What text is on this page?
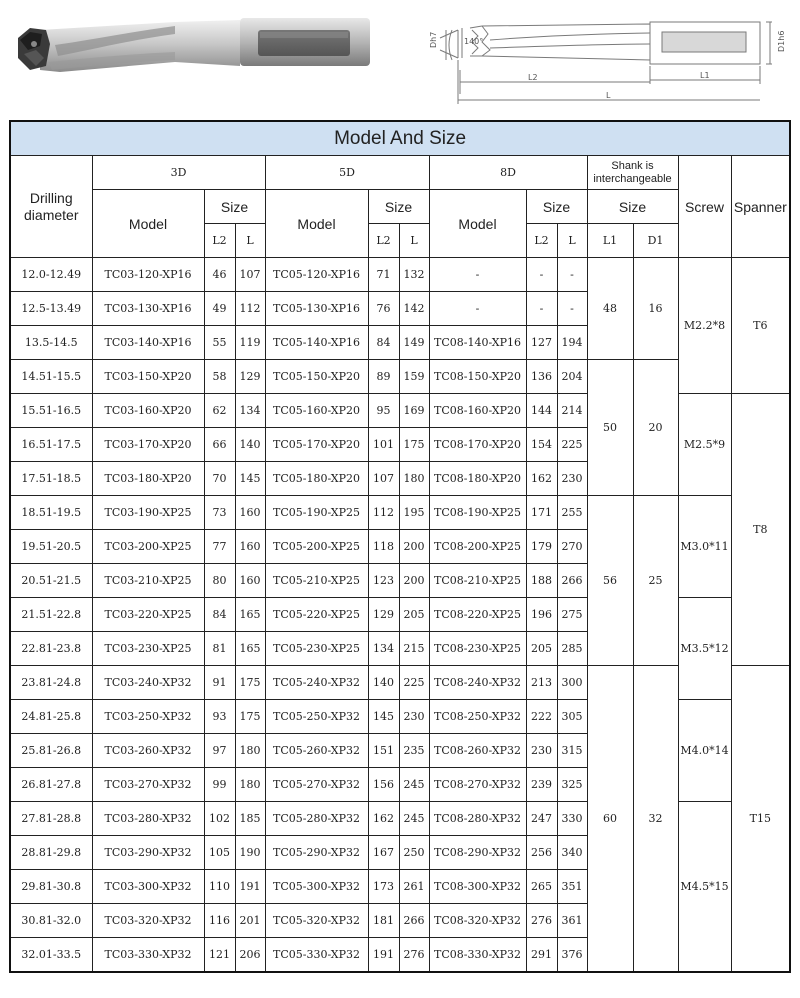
Dh7	140°	D1h6
L2	L1
L
Model And Size													
Drilling
diameter	3D			5D			8D			Shank is
interchangeable		Screw	Spanner
	Model	Size		Model	Size		Model	Size		Size			
		L2	L		L2	L		L2	L	L1	D1		
12.0-12.49	TC03-120-XP16	46	107	TC05-120-XP16	71	132	-	-	-	48	16	M2.2*8	T6
12.5-13.49	TC03-130-XP16	49	112	TC05-130-XP16	76	142	-	-	-				
13.5-14.5	TC03-140-XP16	55	119	TC05-140-XP16	84	149	TC08-140-XP16	127	194				
14.51-15.5	TC03-150-XP20	58	129	TC05-150-XP20	89	159	TC08-150-XP20	136	204	50	20		
15.51-16.5	TC03-160-XP20	62	134	TC05-160-XP20	95	169	TC08-160-XP20	144	214			M2.5*9	T8
16.51-17.5	TC03-170-XP20	66	140	TC05-170-XP20	101	175	TC08-170-XP20	154	225				
17.51-18.5	TC03-180-XP20	70	145	TC05-180-XP20	107	180	TC08-180-XP20	162	230				
18.51-19.5	TC03-190-XP25	73	160	TC05-190-XP25	112	195	TC08-190-XP25	171	255	56	25	M3.0*11	
19.51-20.5	TC03-200-XP25	77	160	TC05-200-XP25	118	200	TC08-200-XP25	179	270				
20.51-21.5	TC03-210-XP25	80	160	TC05-210-XP25	123	200	TC08-210-XP25	188	266				
21.51-22.8	TC03-220-XP25	84	165	TC05-220-XP25	129	205	TC08-220-XP25	196	275			M3.5*12	
22.81-23.8	TC03-230-XP25	81	165	TC05-230-XP25	134	215	TC08-230-XP25	205	285				
23.81-24.8	TC03-240-XP32	91	175	TC05-240-XP32	140	225	TC08-240-XP32	213	300	60	32		T15
24.81-25.8	TC03-250-XP32	93	175	TC05-250-XP32	145	230	TC08-250-XP32	222	305			M4.0*14	
25.81-26.8	TC03-260-XP32	97	180	TC05-260-XP32	151	235	TC08-260-XP32	230	315				
26.81-27.8	TC03-270-XP32	99	180	TC05-270-XP32	156	245	TC08-270-XP32	239	325				
27.81-28.8	TC03-280-XP32	102	185	TC05-280-XP32	162	245	TC08-280-XP32	247	330			M4.5*15	
28.81-29.8	TC03-290-XP32	105	190	TC05-290-XP32	167	250	TC08-290-XP32	256	340				
29.81-30.8	TC03-300-XP32	110	191	TC05-300-XP32	173	261	TC08-300-XP32	265	351				
30.81-32.0	TC03-320-XP32	116	201	TC05-320-XP32	181	266	TC08-320-XP32	276	361				
32.01-33.5	TC03-330-XP32	121	206	TC05-330-XP32	191	276	TC08-330-XP32	291	376				
